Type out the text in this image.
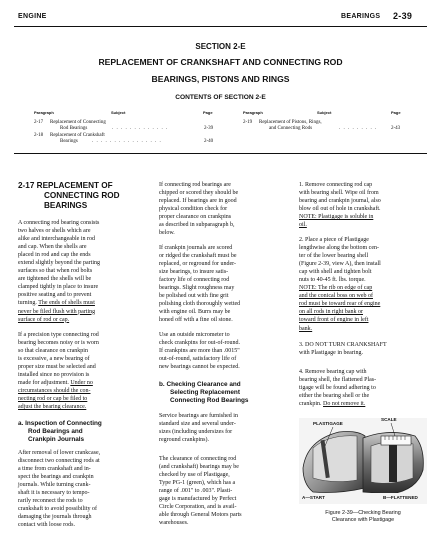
ENGINE	BEARINGS 2-39
SECTION 2-E
REPLACEMENT OF CRANKSHAFT AND CONNECTING ROD
BEARINGS, PISTONS AND RINGS
CONTENTS OF SECTION 2-E
Paragraph	Subject	Page	Paragraph	Subject	Page
2-17 Replacement of Connecting
Rod Bearings	. . . . . . . . . . . . .	2-39
2-18 Replacement of Crankshaft
Bearings	. . . . . . . . . . . . . . . .	2-40
2-19 Replacement of Pistons, Rings,
and Connecting Rods	. . . . . . . . .	2-43
2-17 REPLACEMENT OF
CONNECTING ROD
BEARINGS
A connecting rod bearing consists
two halves or shells which are
alike and interchangeable in rod
and cap. When the shells are
placed in rod and cap the ends
extend slightly beyond the parting
surfaces so that when rod bolts
are tightened the shells will be
clamped tightly in place to insure
positive seating and to prevent
turning. The ends of shells must
never be filed flush with parting
surface of rod or cap.
If a precision type connecting rod
bearing becomes noisy or is worn
so that clearance on crankpin
is excessive, a new bearing of
proper size must be selected and
installed since no provision is
made for adjustment. Under no
circumstances should the con-
necting rod or cap be filed to
adjust the bearing clearance.
a. Inspection of Connecting
Rod Bearings and
Crankpin Journals
After removal of lower crankcase,
disconnect two connecting rods at
a time from crankshaft and in-
spect the bearings and crankpin
journals. While turning crank-
shaft it is necessary to tempo-
rarily reconnect the rods to
crankshaft to avoid possibility of
damaging the journals through
contact with loose rods.
If connecting rod bearings are
chipped or scored they should be
replaced. If bearings are in good
physical condition check for
proper clearance on crankpins
as described in subparagraph b,
below.
If crankpin journals are scored
or ridged the crankshaft must be
replaced, or reground for under-
size bearings, to insure satis-
factory life of connecting rod
bearings. Slight roughness may
be polished out with fine grit
polishing cloth thoroughly wetted
with engine oil. Burrs may be
honed off with a fine oil stone.
Use an outside micrometer to
check crankpins for out-of-round.
If crankpins are more than .0015"
out-of-round, satisfactory life of
new bearings cannot be expected.
b. Checking Clearance and
Selecting Replacement
Connecting Rod Bearings
Service bearings are furnished in
standard size and several under-
sizes (including undersizes for
reground crankpins).
The clearance of connecting rod
(and crankshaft) bearings may be
checked by use of Plastigage,
Type PG-1 (green), which has a
range of .001" to .003". Plasti-
gage is manufactured by Perfect
Circle Corporation, and is avail-
able through General Motors parts
warehouses.
1. Remove connecting rod cap
with bearing shell. Wipe oil from
bearing and crankpin journal, also
blow oil out of hole in crankshaft.
NOTE: Plastigage is soluble in
oil.
2. Place a piece of Plastigage
lengthwise along the bottom cen-
ter of the lower bearing shell
(Figure 2-39, view A), then install
cap with shell and tighten bolt
nuts to 40-45 ft. lbs. torque.
NOTE: The rib on edge of cap
and the conical boss on web of
rod must be toward rear of engine
on all rods in right bank or
toward front of engine in left
bank.
3. DO NOT TURN CRANKSHAFT
with Plastigage in bearing.
4. Remove bearing cap with
bearing shell, the flattened Plas-
tigage will be found adhering to
either the bearing shell or the
crankpin. Do not remove it.
SCALE
PLASTIGAGE
A—START	B—FLATTENED
Figure 2-39—Checking Bearing
Clearance with Plastigage
